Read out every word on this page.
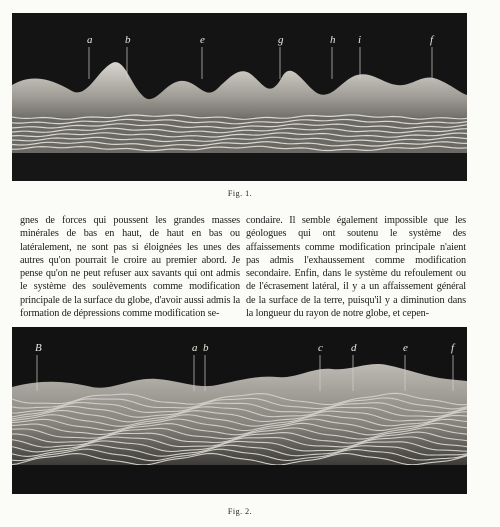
a	b	e	g	h i	f
Fig. 1.
gnes de forces qui poussent les grandes masses minérales de bas en haut, de haut en bas ou latéralement, ne sont pas si éloignées les unes des autres qu'on pourrait le croire au premier abord. Je pense qu'on ne peut refuser aux savants qui ont admis le système des soulèvements comme modification principale de la surface du globe, d'avoir aussi admis la formation de dépressions comme modification se-
condaire. Il semble également impossible que les géologues qui ont soutenu le système des affaissements comme modification principale n'aient pas admis l'exhaussement comme modification secondaire. Enfin, dans le système du refoulement ou de l'écrasement latéral, il y a un affaissement général de la surface de la terre, puisqu'il y a diminution dans la longueur du rayon de notre globe, et cepen-
B	a b	c	d	e	f
Fig. 2.
